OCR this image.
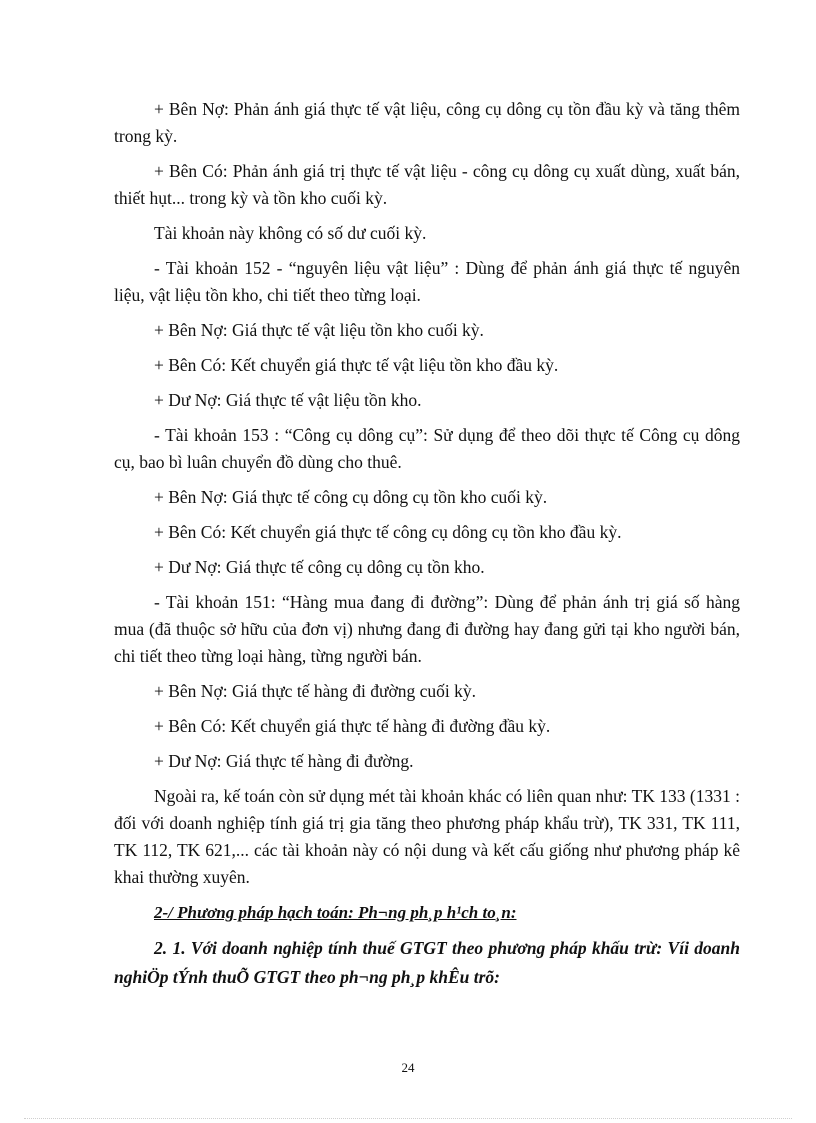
+ Bên Nợ: Phản ánh giá thực tế vật liệu, công cụ dông cụ tồn đầu kỳ và tăng thêm trong kỳ.

+ Bên Có: Phản ánh giá trị thực tế vật liệu - công cụ dông cụ xuất dùng, xuất bán, thiết hụt... trong kỳ và tồn kho cuối kỳ.

Tài khoản này không có số dư cuối kỳ.

- Tài khoản 152 - “nguyên liệu vật liệu” : Dùng để phản ánh giá thực tế nguyên liệu, vật liệu tồn kho, chi tiết theo từng loại.

+ Bên Nợ: Giá thực tế vật liệu tồn kho cuối kỳ.

+ Bên Có: Kết chuyển giá thực tế vật liệu tồn kho đầu kỳ.

+ Dư Nợ: Giá thực tế vật liệu tồn kho.

- Tài khoản 153 : “Công cụ dông cụ”: Sử dụng để theo dõi thực tế Công cụ dông cụ, bao bì luân chuyển đồ dùng cho thuê.

+ Bên Nợ: Giá thực tế công cụ dông cụ tồn kho cuối kỳ.

+ Bên Có: Kết chuyển giá thực tế công cụ dông cụ tồn kho đầu kỳ.

+ Dư Nợ: Giá thực tế công cụ dông cụ tồn kho.

- Tài khoản 151: “Hàng mua đang đi đường”: Dùng để phản ánh trị giá số hàng mua (đã thuộc sở hữu của đơn vị) nhưng đang đi đường hay đang gửi tại kho người bán, chi tiết theo từng loại hàng, từng người bán.

+ Bên Nợ: Giá thực tế hàng đi đường cuối kỳ.

+ Bên Có: Kết chuyển giá thực tế hàng đi đường đầu kỳ.

+ Dư Nợ: Giá thực tế hàng đi đường.

Ngoài ra, kế toán còn sử dụng mét tài khoản khác có liên quan như: TK 133 (1331 : đối với doanh nghiệp tính giá trị gia tăng theo phương pháp khẩu trừ), TK 331, TK 111, TK 112, TK 621,... các tài khoản này có nội dung và kết cấu giống như phương pháp kê khai thường xuyên.

2-/ Phương pháp hạch toán: Ph¬ng ph¸p h¹ch to¸n:
2. 1. Với doanh nghiệp tính thuế GTGT theo phương pháp khấu trừ: Víi doanh nghiÖp tÝnh thuÕ GTGT theo ph¬ng ph¸p khÊu trõ:
24
